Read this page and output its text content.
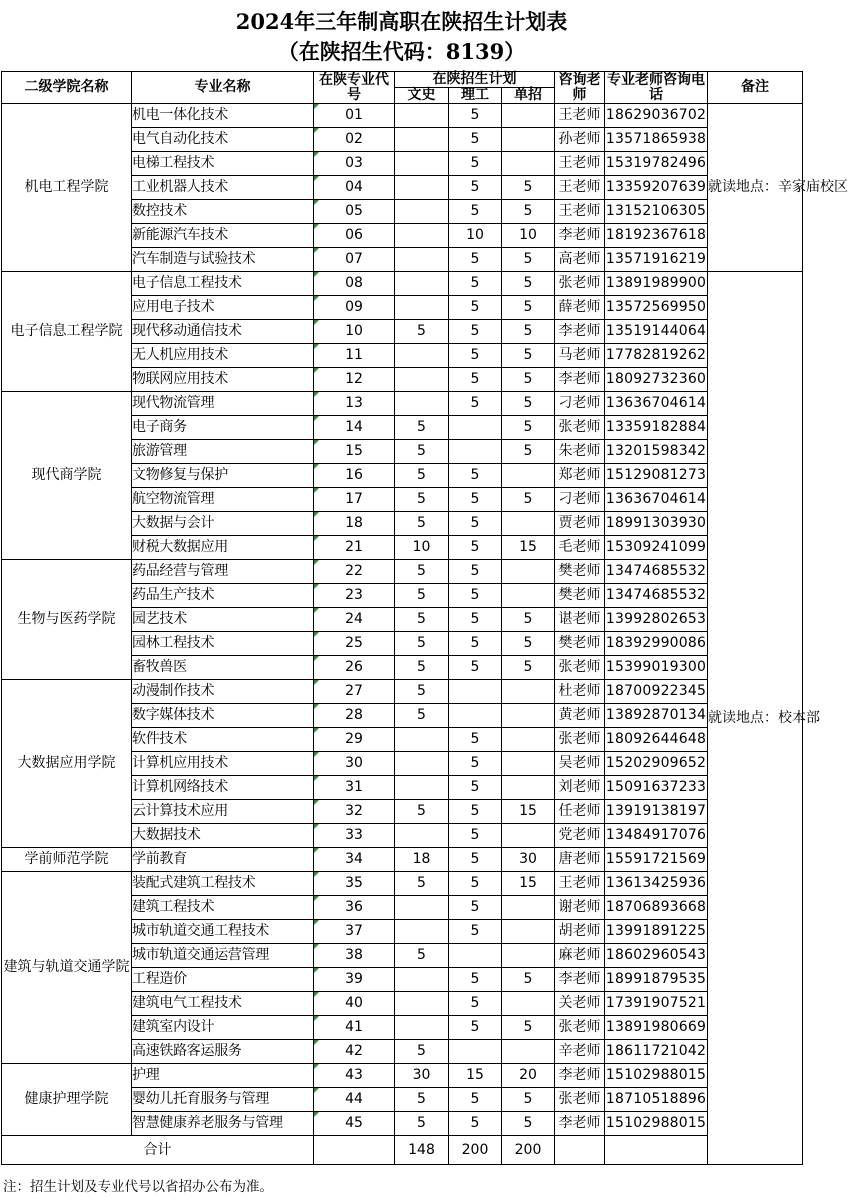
2024年三年制高职在陕招生计划表
（在陕招生代码：8139）
二级学院名称	专业名称	在陕专业代号	在陕招生计划			咨询老师	专业老师咨询电话	备注
			文史	理工	单招			
机电工程学院	机电一体化技术	01		5		王老师	18629036702	就读地点：辛家庙校区
	电气自动化技术	02		5		孙老师	13571865938	
	电梯工程技术	03		5		王老师	15319782496	
	工业机器人技术	04		5	5	王老师	13359207639	
	数控技术	05		5	5	王老师	13152106305	
	新能源汽车技术	06		10	10	李老师	18192367618	
	汽车制造与试验技术	07		5	5	高老师	13571916219	
电子信息工程学院	电子信息工程技术	08		5	5	张老师	13891989900	就读地点：校本部
	应用电子技术	09		5	5	薛老师	13572569950	
	现代移动通信技术	10	5	5	5	李老师	13519144064	
	无人机应用技术	11		5	5	马老师	17782819262	
	物联网应用技术	12		5	5	李老师	18092732360	
现代商学院	现代物流管理	13		5	5	刁老师	13636704614	
	电子商务	14	5		5	张老师	13359182884	
	旅游管理	15	5		5	朱老师	13201598342	
	文物修复与保护	16	5	5		郑老师	15129081273	
	航空物流管理	17	5	5	5	刁老师	13636704614	
	大数据与会计	18	5	5		贾老师	18991303930	
	财税大数据应用	21	10	5	15	毛老师	15309241099	
生物与医药学院	药品经营与管理	22	5	5		樊老师	13474685532	
	药品生产技术	23	5	5		樊老师	13474685532	
	园艺技术	24	5	5	5	谌老师	13992802653	
	园林工程技术	25	5	5	5	樊老师	18392990086	
	畜牧兽医	26	5	5	5	张老师	15399019300	
大数据应用学院	动漫制作技术	27	5			杜老师	18700922345	
	数字媒体技术	28	5			黄老师	13892870134	
	软件技术	29		5		张老师	18092644648	
	计算机应用技术	30		5		吴老师	15202909652	
	计算机网络技术	31		5		刘老师	15091637233	
	云计算技术应用	32	5	5	15	任老师	13919138197	
	大数据技术	33		5		党老师	13484917076	
学前师范学院	学前教育	34	18	5	30	唐老师	15591721569	
建筑与轨道交通学院	装配式建筑工程技术	35	5	5	15	王老师	13613425936	
	建筑工程技术	36		5		谢老师	18706893668	
	城市轨道交通工程技术	37		5		胡老师	13991891225	
	城市轨道交通运营管理	38	5			麻老师	18602960543	
	工程造价	39		5	5	李老师	18991879535	
	建筑电气工程技术	40		5		关老师	17391907521	
	建筑室内设计	41		5	5	张老师	13891980669	
	高速铁路客运服务	42	5			辛老师	18611721042	
健康护理学院	护理	43	30	15	20	李老师	15102988015	
	婴幼儿托育服务与管理	44	5	5	5	张老师	18710518896	
	智慧健康养老服务与管理	45	5	5	5	李老师	15102988015	
合计			148	200	200			
注：招生计划及专业代号以省招办公布为准。
